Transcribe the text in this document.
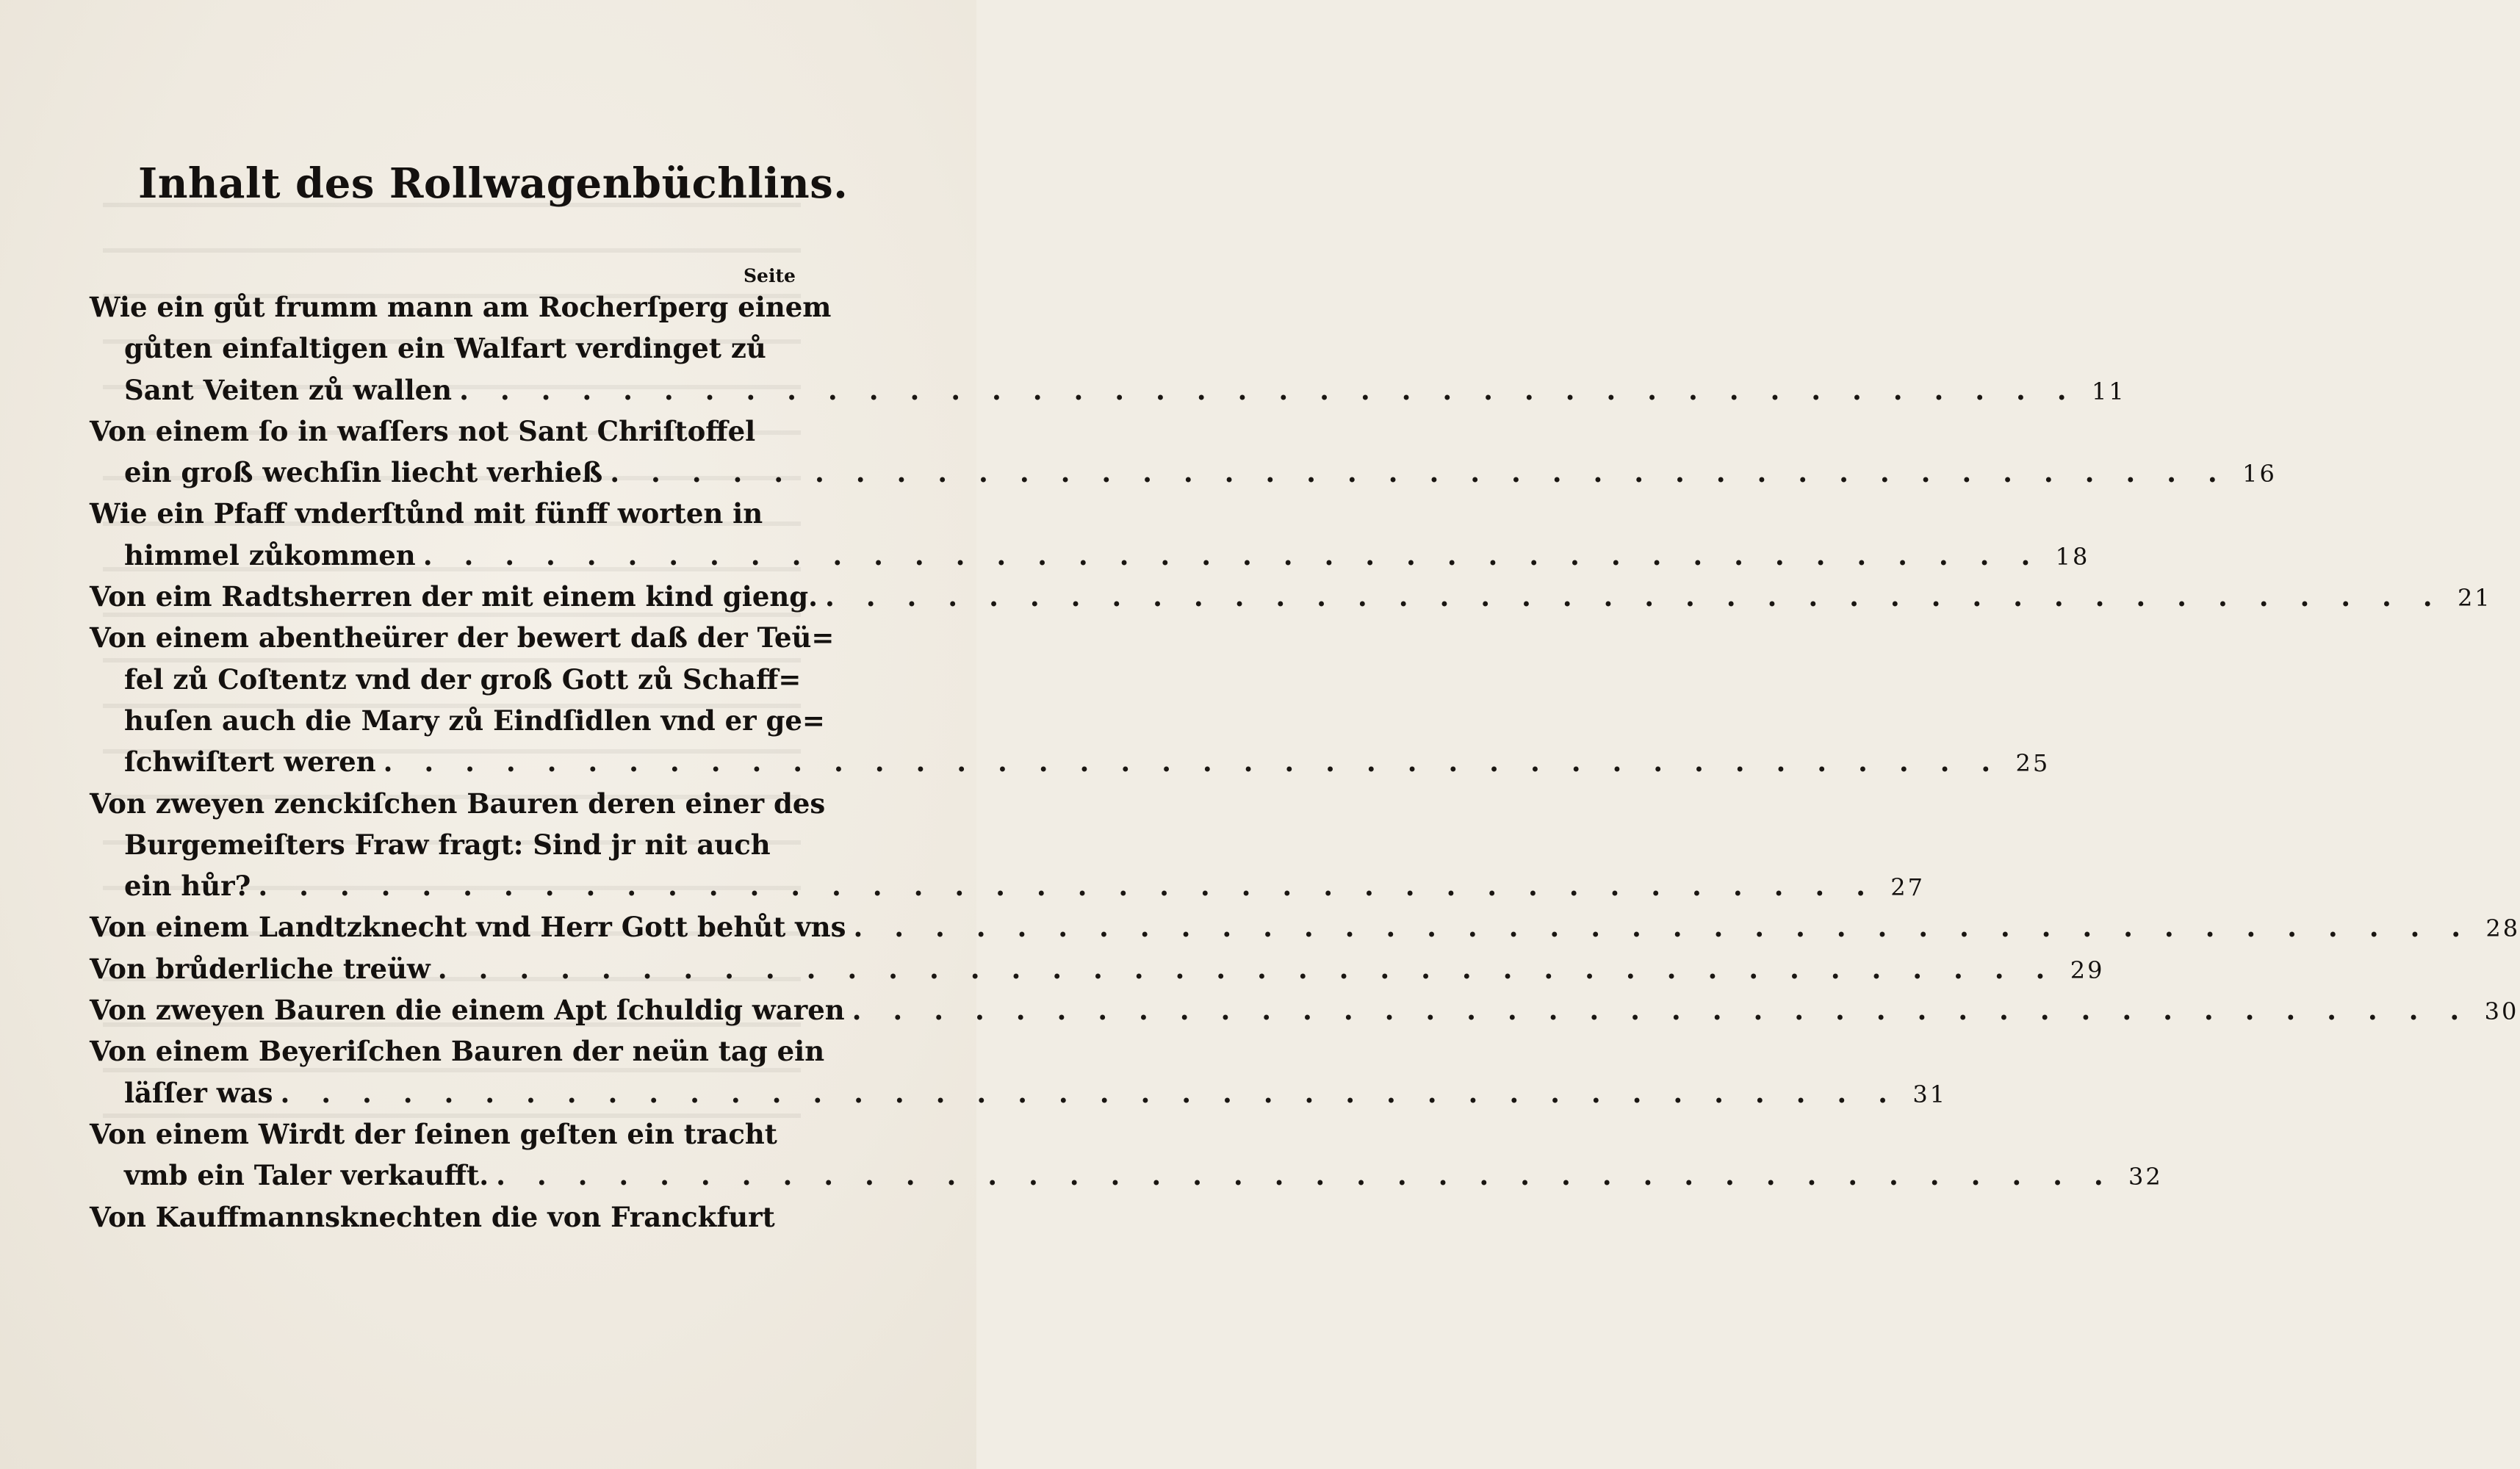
Inhalt des Rollwagenbüchlins.
Seite
Wie ein gůt frumm mann am Rocherſperg einem
gůten einfaltigen ein Walfart verdinget zů
Sant Veiten zů wallen . . . . . . . . . . . . . . . . . . . . . . . . . . . . . . . . . . . . . . . . 11
Von einem ſo in waſſers not Sant Chriſtoffel
ein groß wechſin liecht verhieß . . . . . . . . . . . . . . . . . . . . . . . . . . . . . . . . . . . . . . . . 16
Wie ein Pfaff vnderſtůnd mit fünff worten in
himmel zůkommen . . . . . . . . . . . . . . . . . . . . . . . . . . . . . . . . . . . . . . . . 18
Von eim Radtsherren der mit einem kind gieng. . . . . . . . . . . . . . . . . . . . . . . . . . . . . . . . . . . . . . . . . 21
Von einem abentheürer der bewert daß der Teü=
fel zů Coſtentz vnd der groß Gott zů Schaff=
huſen auch die Mary zů Eindſidlen vnd er ge=
ſchwiſtert weren . . . . . . . . . . . . . . . . . . . . . . . . . . . . . . . . . . . . . . . . 25
Von zweyen zenckiſchen Bauren deren einer des
Burgemeiſters Fraw fragt: Sind jr nit auch
ein hůr? . . . . . . . . . . . . . . . . . . . . . . . . . . . . . . . . . . . . . . . . 27
Von einem Landtzknecht vnd Herr Gott behůt vns . . . . . . . . . . . . . . . . . . . . . . . . . . . . . . . . . . . . . . . . 28
Von brůderliche treüw . . . . . . . . . . . . . . . . . . . . . . . . . . . . . . . . . . . . . . . . 29
Von zweyen Bauren die einem Apt ſchuldig waren . . . . . . . . . . . . . . . . . . . . . . . . . . . . . . . . . . . . . . . . 30
Von einem Beyeriſchen Bauren der neün tag ein
läſſer was . . . . . . . . . . . . . . . . . . . . . . . . . . . . . . . . . . . . . . . . 31
Von einem Wirdt der ſeinen geſten ein tracht
vmb ein Taler verkaufft. . . . . . . . . . . . . . . . . . . . . . . . . . . . . . . . . . . . . . . . . 32
Von Kauffmannsknechten die von Franckfurt
